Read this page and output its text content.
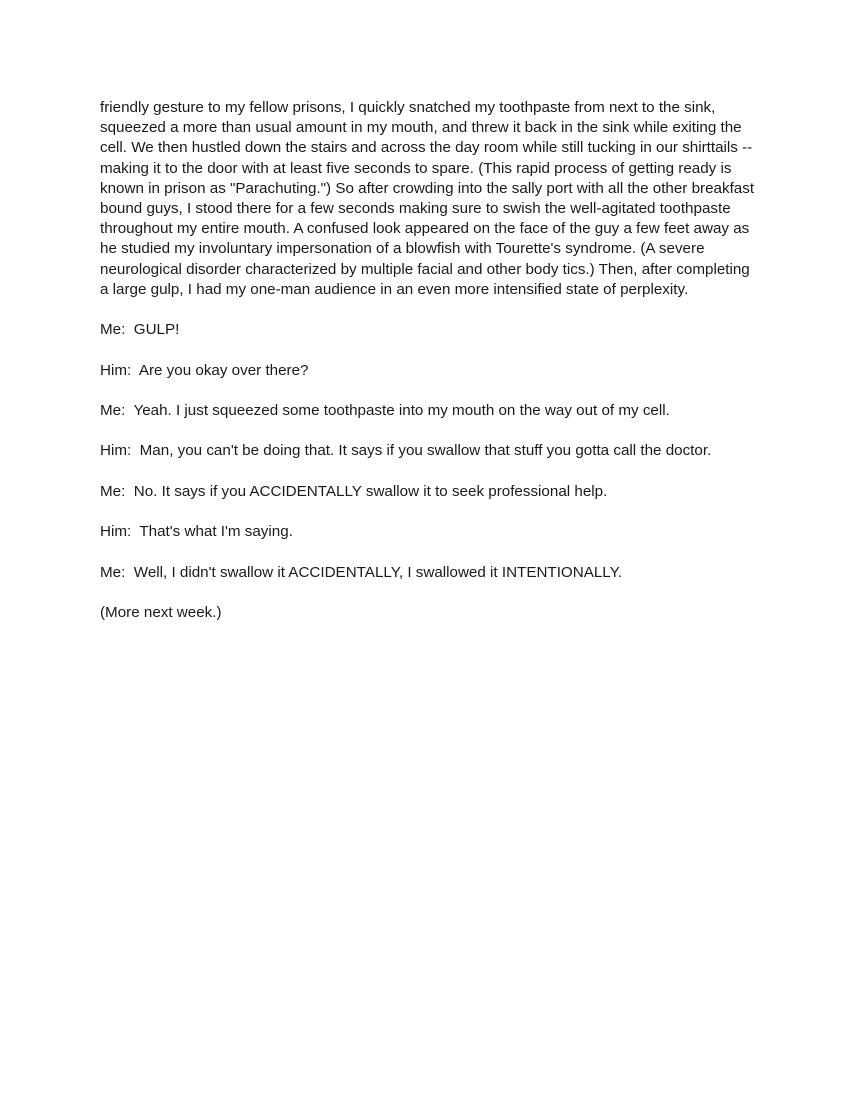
friendly gesture to my fellow prisons, I quickly snatched my toothpaste from next to the sink, squeezed a more than usual amount in my mouth, and threw it back in the sink while exiting the cell. We then hustled down the stairs and across the day room while still tucking in our shirttails -- making it to the door with at least five seconds to spare. (This rapid process of getting ready is known in prison as "Parachuting.") So after crowding into the sally port with all the other breakfast bound guys, I stood there for a few seconds making sure to swish the well-agitated toothpaste throughout my entire mouth. A confused look appeared on the face of the guy a few feet away as he studied my involuntary impersonation of a blowfish with Tourette's syndrome. (A severe neurological disorder characterized by multiple facial and other body tics.) Then, after completing a large gulp, I had my one-man audience in an even more intensified state of perplexity.

Me:  GULP!

Him:  Are you okay over there?

Me:  Yeah. I just squeezed some toothpaste into my mouth on the way out of my cell.

Him:  Man, you can't be doing that. It says if you swallow that stuff you gotta call the doctor.

Me:  No. It says if you ACCIDENTALLY swallow it to seek professional help.

Him:  That's what I'm saying.

Me:  Well, I didn't swallow it ACCIDENTALLY, I swallowed it INTENTIONALLY.

(More next week.)
